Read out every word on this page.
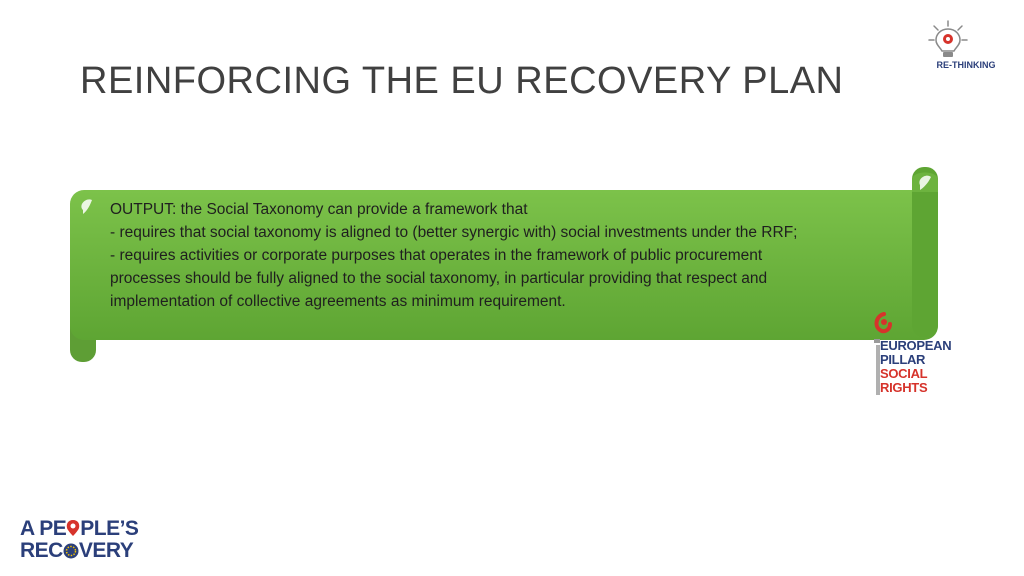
REINFORCING THE EU RECOVERY PLAN	RE-THINKING
OUTPUT: the Social Taxonomy can provide a framework that
- requires that social taxonomy is aligned to (better synergic with) social investments under the RRF;
- requires activities or corporate purposes that operates in the framework of public procurement
processes should be fully aligned to the social taxonomy, in particular providing that respect and
implementation of collective agreements as minimum requirement.
EUROPEAN
PILLAR
SOCIAL
RIGHTS
A PE PLE’S
REC VERY
